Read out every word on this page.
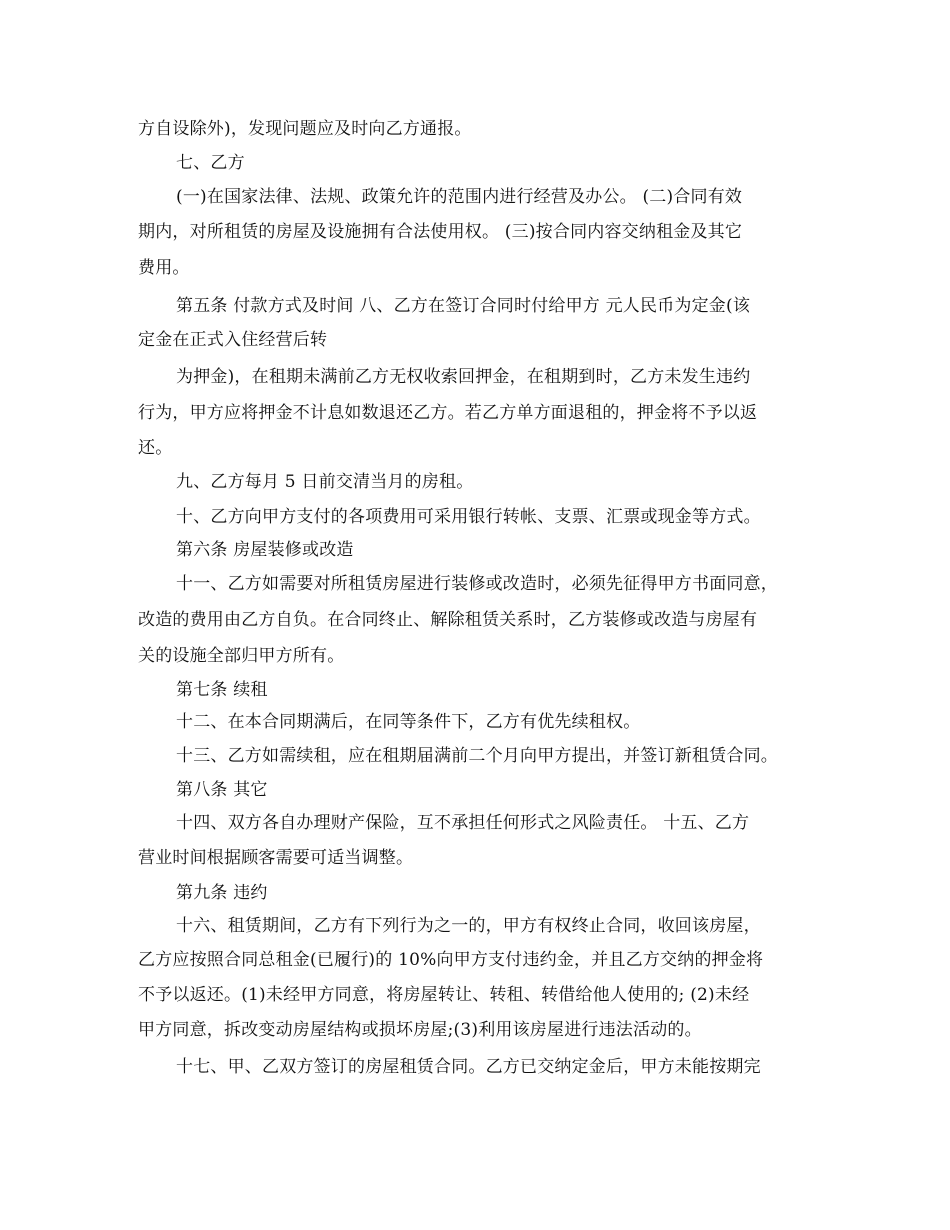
方自设除外)，发现问题应及时向乙方通报。
七、乙方
(一)在国家法律、法规、政策允许的范围内进行经营及办公。 (二)合同有效
期内，对所租赁的房屋及设施拥有合法使用权。 (三)按合同内容交纳租金及其它
费用。
第五条 付款方式及时间 八、乙方在签订合同时付给甲方 元人民币为定金(该
定金在正式入住经营后转
为押金)，在租期未满前乙方无权收索回押金，在租期到时，乙方未发生违约
行为，甲方应将押金不计息如数退还乙方。若乙方单方面退租的，押金将不予以返
还。
九、乙方每月 5 日前交清当月的房租。
十、乙方向甲方支付的各项费用可采用银行转帐、支票、汇票或现金等方式。
第六条 房屋装修或改造
十一、乙方如需要对所租赁房屋进行装修或改造时，必须先征得甲方书面同意，
改造的费用由乙方自负。在合同终止、解除租赁关系时，乙方装修或改造与房屋有
关的设施全部归甲方所有。
第七条 续租
十二、在本合同期满后，在同等条件下，乙方有优先续租权。
十三、乙方如需续租，应在租期届满前二个月向甲方提出，并签订新租赁合同。
第八条 其它
十四、双方各自办理财产保险，互不承担任何形式之风险责任。 十五、乙方
营业时间根据顾客需要可适当调整。
第九条 违约
十六、租赁期间，乙方有下列行为之一的，甲方有权终止合同，收回该房屋，
乙方应按照合同总租金(已履行)的 10%向甲方支付违约金，并且乙方交纳的押金将
不予以返还。(1)未经甲方同意，将房屋转让、转租、转借给他人使用的; (2)未经
甲方同意，拆改变动房屋结构或损坏房屋;(3)利用该房屋进行违法活动的。
十七、甲、乙双方签订的房屋租赁合同。乙方已交纳定金后，甲方未能按期完
